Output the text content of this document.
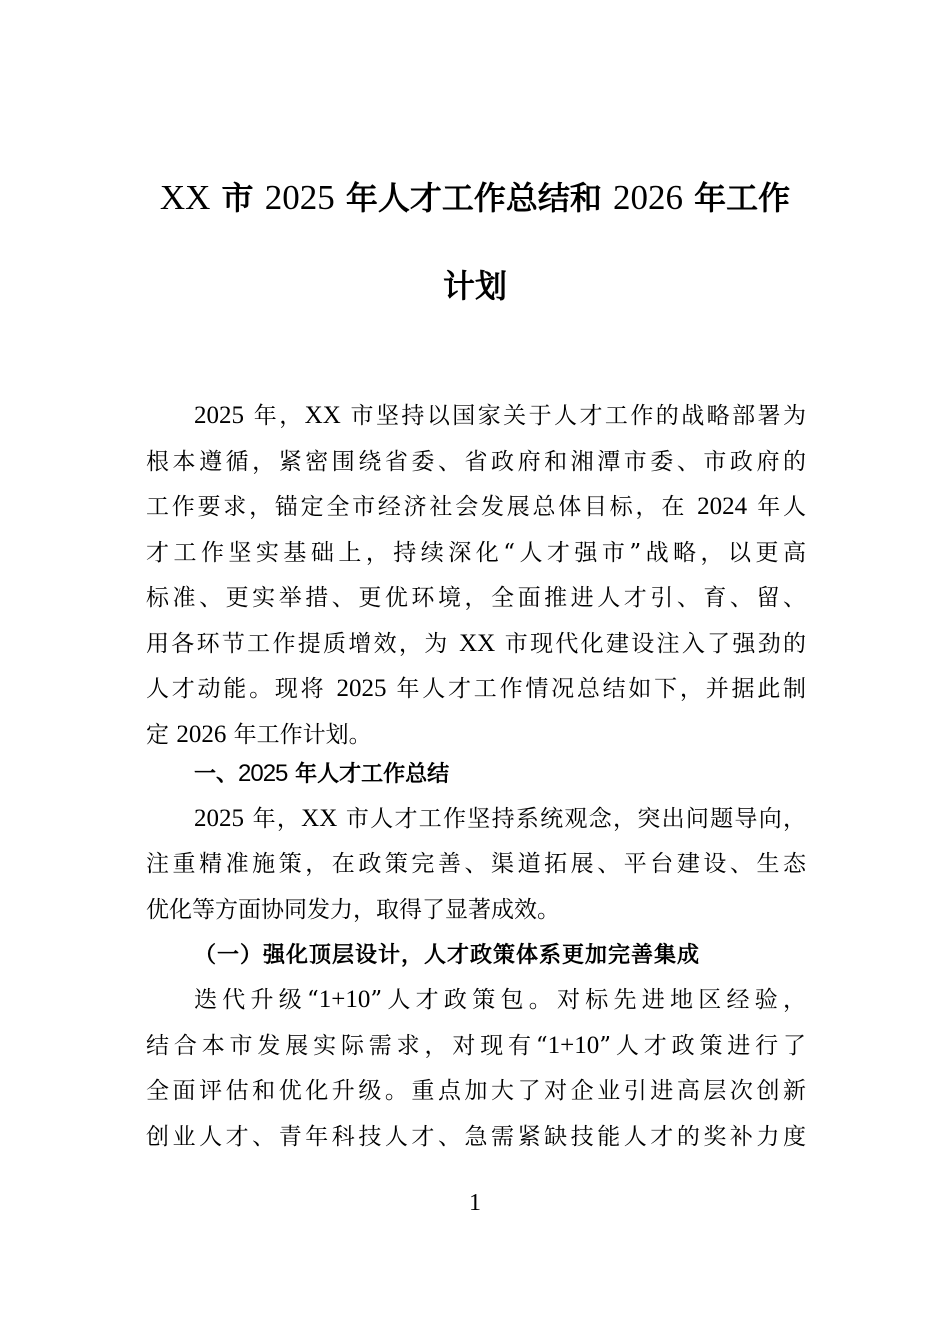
XX 市 2025 年人才工作总结和 2026 年工作
计划
2025 年，XX 市坚持以国家关于人才工作的战略部署为
根本遵循，紧密围绕省委、省政府和湘潭市委、市政府的
工作要求，锚定全市经济社会发展总体目标，在 2024 年人
才工作坚实基础上，持续深化“人才强市”战略，以更高
标准、更实举措、更优环境，全面推进人才引、育、留、
用各环节工作提质增效，为 XX 市现代化建设注入了强劲的
人才动能。现将 2025 年人才工作情况总结如下，并据此制
定 2026 年工作计划。
一、2025 年人才工作总结
2025 年，XX 市人才工作坚持系统观念，突出问题导向，
注重精准施策，在政策完善、渠道拓展、平台建设、生态
优化等方面协同发力，取得了显著成效。
（一）强化顶层设计，人才政策体系更加完善集成
迭代升级“1+10”人才政策包。对标先进地区经验，
结合本市发展实际需求，对现有“1+10”人才政策进行了
全面评估和优化升级。重点加大了对企业引进高层次创新
创业人才、青年科技人才、急需紧缺技能人才的奖补力度
1
